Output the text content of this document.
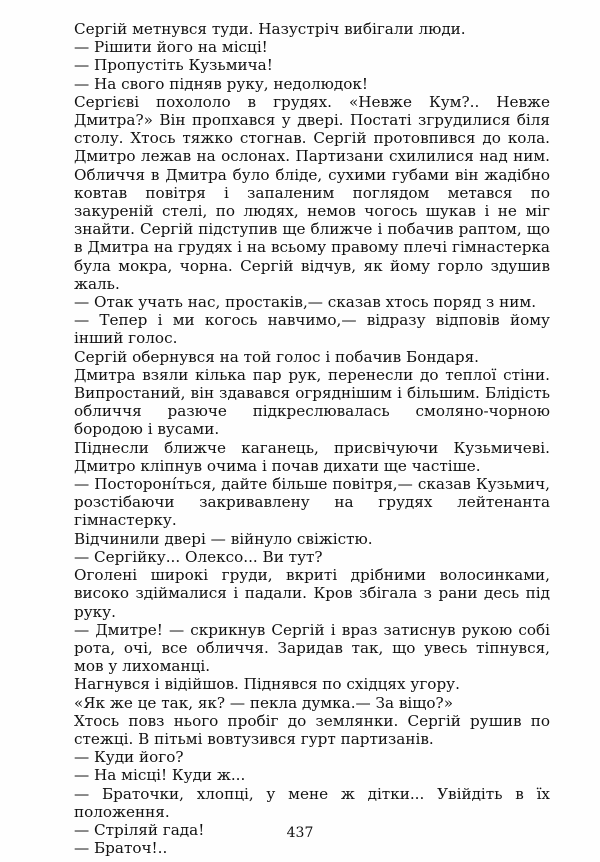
Сергій метнувся туди. Назустріч вибігали люди.

— Рішити його на місці!

— Пропустіть Кузьмича!

— На свого підняв руку, недолюдок!

Сергієві похололо в грудях. «Невже Кум?.. Невже Дмитра?» Він пропхався у двері. Постаті згрудилися біля столу. Хтось тяжко стогнав. Сергій протовпився до кола. Дмитро лежав на ослонах. Партизани схилилися над ним. Обличчя в Дмитра було бліде, сухими губами він жадібно ковтав повітря і запаленим поглядом метався по закуреній стелі, по людях, немов чогось шукав і не міг знайти. Сергій підступив ще ближче і побачив раптом, що в Дмитра на грудях і на всьому правому плечі гімнастерка була мокра, чорна. Сергій відчув, як йому горло здушив жаль.

— Отак учать нас, простаків,— сказав хтось поряд з ним.

— Тепер і ми когось навчимо,— відразу відповів йому інший голос.

Сергій обернувся на той голос і побачив Бондаря.

Дмитра взяли кілька пар рук, перенесли до теплої стіни. Випростаний, він здавався огряднішим і більшим. Блідість обличчя разюче підкреслювалась смоляно-чорною бородою і вусами.

Піднесли ближче каганець, присвічуючи Кузьмичеві. Дмитро кліпнув очима і почав дихати ще частіше.

— Посторонíться, дайте більше повітря,— сказав Кузьмич, розстібаючи закривавлену на грудях лейтенанта гімнастерку.

Відчинили двері — війнуло свіжістю.

— Сергійку... Олексо... Ви тут?

Оголені широкі груди, вкриті дрібними волосинками, високо здіймалися і падали. Кров збігала з рани десь під руку.

— Дмитре! — скрикнув Сергій і враз затиснув рукою собі рота, очі, все обличчя. Заридав так, що увесь тіпнувся, мов у лихоманці.

Нагнувся і відійшов. Піднявся по східцях угору.

«Як же це так, як? — пекла думка.— За віщо?»

Хтось повз нього пробіг до землянки. Сергій рушив по стежці. В пітьмі вовтузився гурт партизанів.

— Куди його?

— На місці! Куди ж...

— Браточки, хлопці, у мене ж дітки... Увійдіть в їх положення.

— Стріляй гада!

— Браточ!..

437
